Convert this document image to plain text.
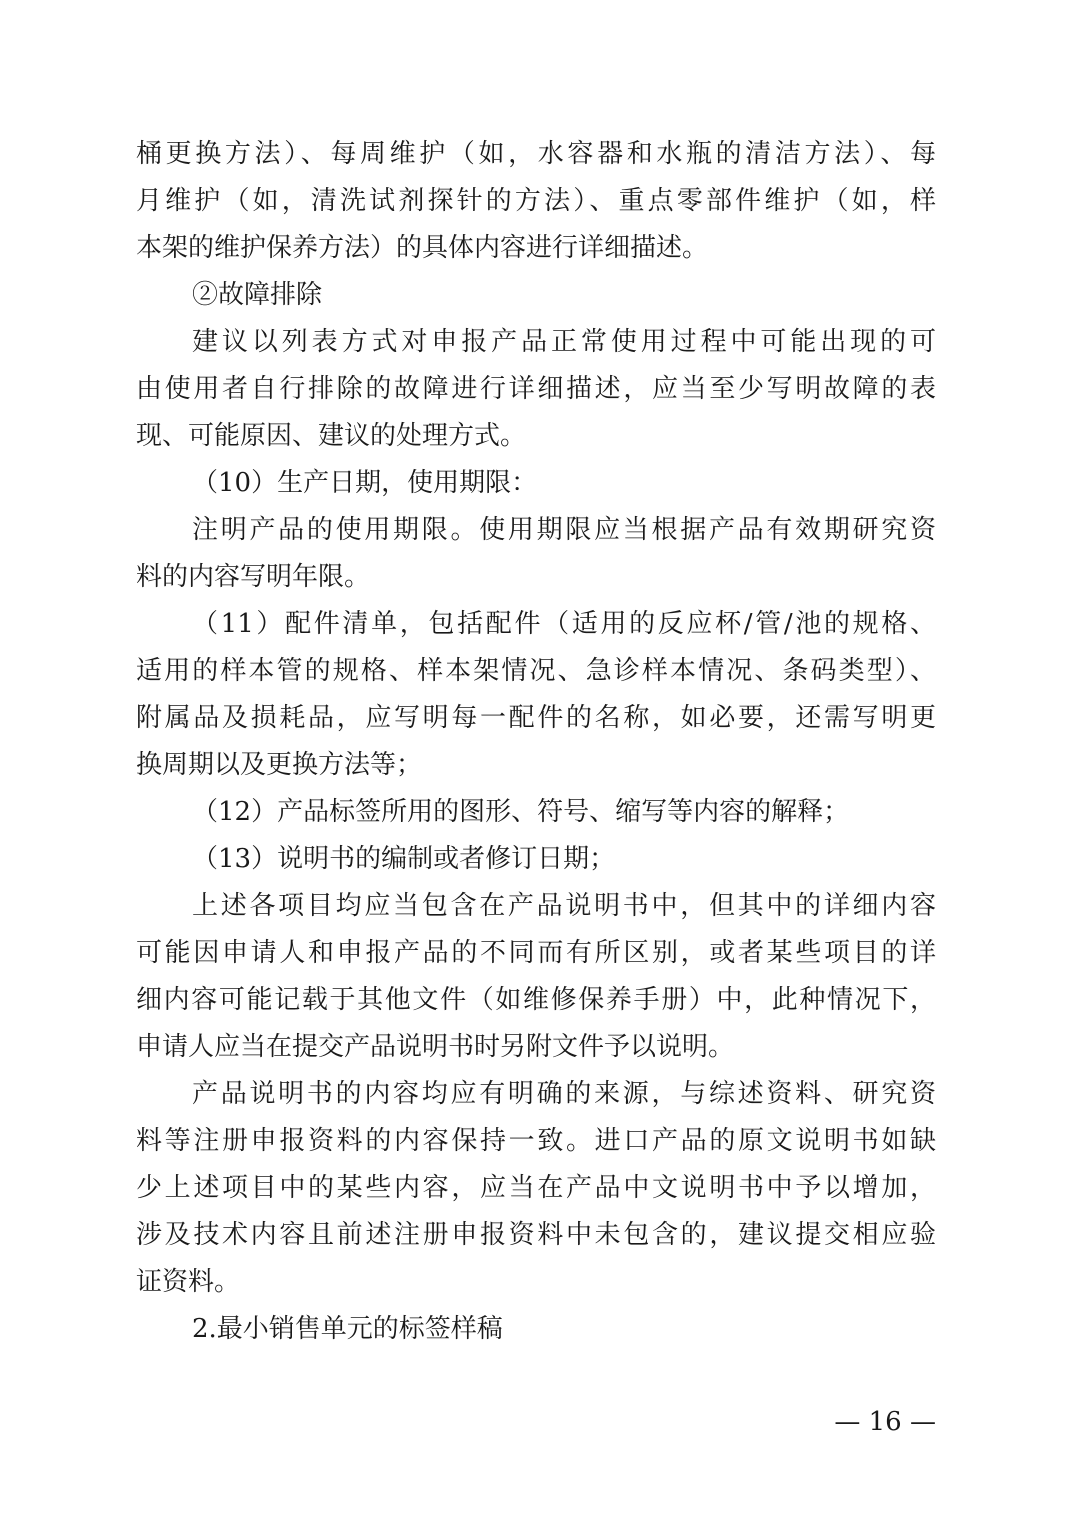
桶更换方法）、每周维护（如，水容器和水瓶的清洁方法）、每
月维护（如，清洗试剂探针的方法）、重点零部件维护（如，样
本架的维护保养方法）的具体内容进行详细描述。
②故障排除
建议以列表方式对申报产品正常使用过程中可能出现的可
由使用者自行排除的故障进行详细描述，应当至少写明故障的表
现、可能原因、建议的处理方式。
（10）生产日期，使用期限：
注明产品的使用期限。使用期限应当根据产品有效期研究资
料的内容写明年限。
（11）配件清单，包括配件（适用的反应杯/管/池的规格、
适用的样本管的规格、样本架情况、急诊样本情况、条码类型）、
附属品及损耗品，应写明每一配件的名称，如必要，还需写明更
换周期以及更换方法等；
（12）产品标签所用的图形、符号、缩写等内容的解释；
（13）说明书的编制或者修订日期；
上述各项目均应当包含在产品说明书中，但其中的详细内容
可能因申请人和申报产品的不同而有所区别，或者某些项目的详
细内容可能记载于其他文件（如维修保养手册）中，此种情况下，
申请人应当在提交产品说明书时另附文件予以说明。
产品说明书的内容均应有明确的来源，与综述资料、研究资
料等注册申报资料的内容保持一致。进口产品的原文说明书如缺
少上述项目中的某些内容，应当在产品中文说明书中予以增加，
涉及技术内容且前述注册申报资料中未包含的，建议提交相应验
证资料。
2.最小销售单元的标签样稿
— 16 —
